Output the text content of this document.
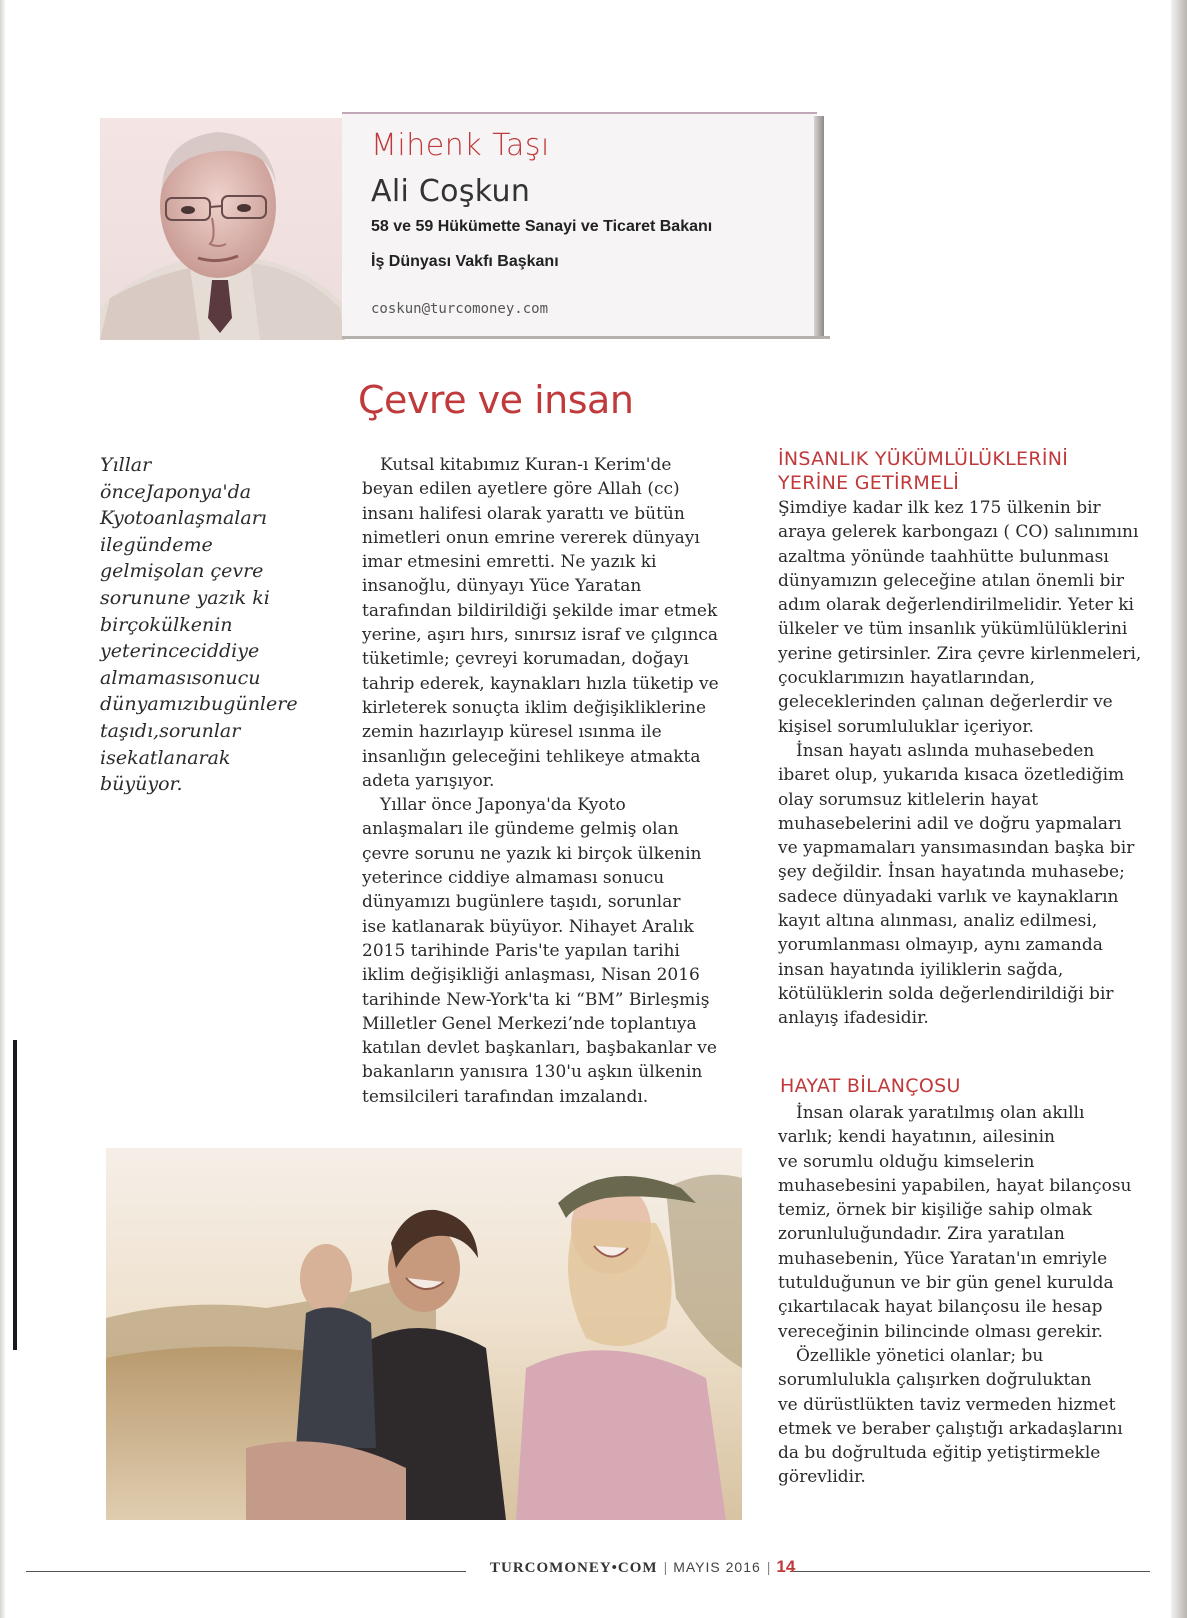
Mihenk Taşı
Ali Coşkun
58 ve 59 Hükümette Sanayi ve Ticaret Bakanı
İş Dünyası Vakfı Başkanı
coskun@turcomoney.com
Çevre ve insan
Yıllar önceJaponya'da Kyotoanlaşmaları ilegündeme gelmişolan çevre sorunune yazık ki birçokülkenin yeterinceciddiye almamasısonucu dünyamızıbugünlere taşıdı,sorunlar isekatlanarak büyüyor.
Kutsal kitabımız Kuran-ı Kerim'de
beyan edilen ayetlere göre Allah (cc)
insanı halifesi olarak yarattı ve bütün
nimetleri onun emrine vererek dünyayı
imar etmesini emretti. Ne yazık ki
insanoğlu, dünyayı Yüce Yaratan
tarafından bildirildiği şekilde imar etmek
yerine, aşırı hırs, sınırsız israf ve çılgınca
tüketimle; çevreyi korumadan, doğayı
tahrip ederek, kaynakları hızla tüketip ve
kirleterek sonuçta iklim değişikliklerine
zemin hazırlayıp küresel ısınma ile
insanlığın geleceğini tehlikeye atmakta
adeta yarışıyor.
Yıllar önce Japonya'da Kyoto
anlaşmaları ile gündeme gelmiş olan
çevre sorunu ne yazık ki birçok ülkenin
yeterince ciddiye almaması sonucu
dünyamızı bugünlere taşıdı, sorunlar
ise katlanarak büyüyor. Nihayet Aralık
2015 tarihinde Paris'te yapılan tarihi
iklim değişikliği anlaşması, Nisan 2016
tarihinde New-York'ta ki “BM” Birleşmiş
Milletler Genel Merkezi’nde toplantıya
katılan devlet başkanları, başbakanlar ve
bakanların yanısıra 130'u aşkın ülkenin
temsilcileri tarafından imzalandı.
İNSANLIK YÜKÜMLÜLÜKLERİNİ
YERİNE GETİRMELİ
Şimdiye kadar ilk kez 175 ülkenin bir
araya gelerek karbongazı ( CO) salınımını
azaltma yönünde taahhütte bulunması
dünyamızın geleceğine atılan önemli bir
adım olarak değerlendirilmelidir. Yeter ki
ülkeler ve tüm insanlık yükümlülüklerini
yerine getirsinler. Zira çevre kirlenmeleri,
çocuklarımızın hayatlarından,
geleceklerinden çalınan değerlerdir ve
kişisel sorumluluklar içeriyor.
İnsan hayatı aslında muhasebeden
ibaret olup, yukarıda kısaca özetlediğim
olay sorumsuz kitlelerin hayat
muhasebelerini adil ve doğru yapmaları
ve yapmamaları yansımasından başka bir
şey değildir. İnsan hayatında muhasebe;
sadece dünyadaki varlık ve kaynakların
kayıt altına alınması, analiz edilmesi,
yorumlanması olmayıp, aynı zamanda
insan hayatında iyiliklerin sağda,
kötülüklerin solda değerlendirildiği bir
anlayış ifadesidir.
HAYAT BİLANÇOSU
İnsan olarak yaratılmış olan akıllı
varlık; kendi hayatının, ailesinin
ve sorumlu olduğu kimselerin
muhasebesini yapabilen, hayat bilançosu
temiz, örnek bir kişiliğe sahip olmak
zorunluluğundadır. Zira yaratılan
muhasebenin, Yüce Yaratan'ın emriyle
tutulduğunun ve bir gün genel kurulda
çıkartılacak hayat bilançosu ile hesap
vereceğinin bilincinde olması gerekir.
Özellikle yönetici olanlar; bu
sorumlulukla çalışırken doğruluktan
ve dürüstlükten taviz vermeden hizmet
etmek ve beraber çalıştığı arkadaşlarını
da bu doğrultuda eğitip yetiştirmekle
görevlidir.
TURCOMONEY•COM | MAYIS 2016 | 14
